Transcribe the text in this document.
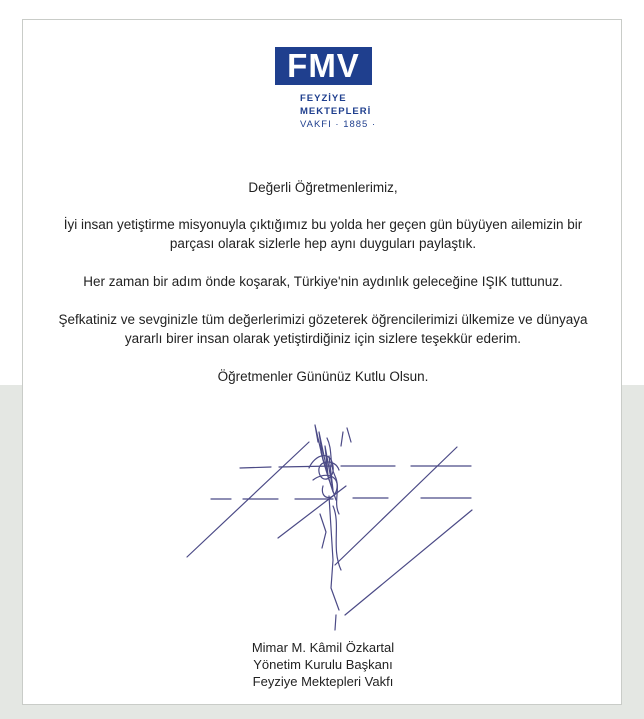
FMV
FEYZİYE
MEKTEPLERİ
VAKFI · 1885 ·

Değerli Öğretmenlerimiz,

İyi insan yetiştirme misyonuyla çıktığımız bu yolda her geçen gün büyüyen ailemizin bir

parçası olarak sizlerle hep aynı duyguları paylaştık.

Her zaman bir adım önde koşarak, Türkiye'nin aydınlık geleceğine IŞIK tuttunuz.

Şefkatiniz ve sevginizle tüm değerlerimizi gözeterek öğrencilerimizi ülkemize ve dünyaya

yararlı birer insan olarak yetiştirdiğiniz için sizlere teşekkür ederim.

Öğretmenler Gününüz Kutlu Olsun.

Mimar M. Kâmil Özkartal
Yönetim Kurulu Başkanı
Feyziye Mektepleri Vakfı
